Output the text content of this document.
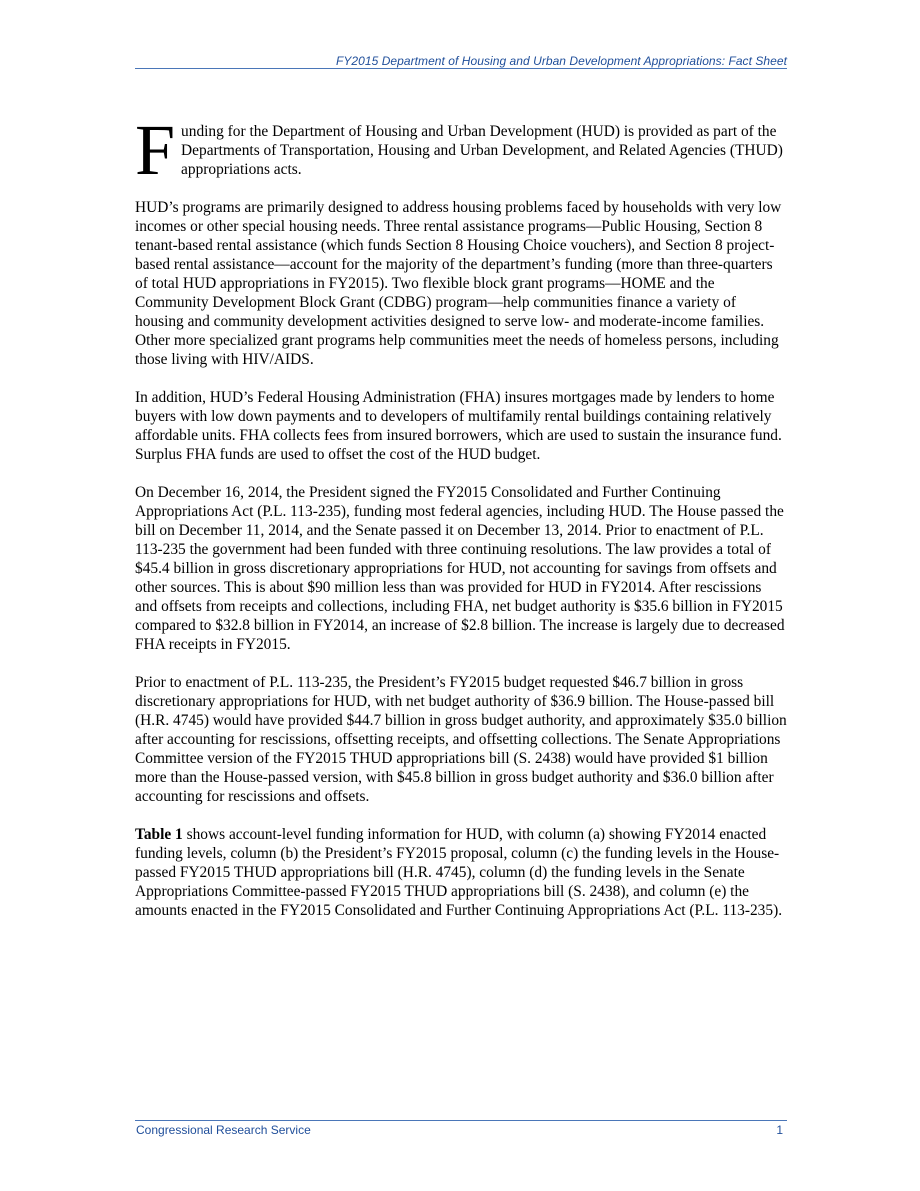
FY2015 Department of Housing and Urban Development Appropriations: Fact Sheet

Funding for the Department of Housing and Urban Development (HUD) is provided as part of the Departments of Transportation, Housing and Urban Development, and Related Agencies (THUD) appropriations acts.

HUD’s programs are primarily designed to address housing problems faced by households with very low incomes or other special housing needs. Three rental assistance programs—Public Housing, Section 8 tenant-based rental assistance (which funds Section 8 Housing Choice vouchers), and Section 8 project-based rental assistance—account for the majority of the department’s funding (more than three-quarters of total HUD appropriations in FY2015). Two flexible block grant programs—HOME and the Community Development Block Grant (CDBG) program—help communities finance a variety of housing and community development activities designed to serve low- and moderate-income families. Other more specialized grant programs help communities meet the needs of homeless persons, including those living with HIV/AIDS.

In addition, HUD’s Federal Housing Administration (FHA) insures mortgages made by lenders to home buyers with low down payments and to developers of multifamily rental buildings containing relatively affordable units. FHA collects fees from insured borrowers, which are used to sustain the insurance fund. Surplus FHA funds are used to offset the cost of the HUD budget.

On December 16, 2014, the President signed the FY2015 Consolidated and Further Continuing Appropriations Act (P.L. 113-235), funding most federal agencies, including HUD. The House passed the bill on December 11, 2014, and the Senate passed it on December 13, 2014. Prior to enactment of P.L. 113-235 the government had been funded with three continuing resolutions. The law provides a total of $45.4 billion in gross discretionary appropriations for HUD, not accounting for savings from offsets and other sources. This is about $90 million less than was provided for HUD in FY2014. After rescissions and offsets from receipts and collections, including FHA, net budget authority is $35.6 billion in FY2015 compared to $32.8 billion in FY2014, an increase of $2.8 billion. The increase is largely due to decreased FHA receipts in FY2015.

Prior to enactment of P.L. 113-235, the President’s FY2015 budget requested $46.7 billion in gross discretionary appropriations for HUD, with net budget authority of $36.9 billion. The House-passed bill (H.R. 4745) would have provided $44.7 billion in gross budget authority, and approximately $35.0 billion after accounting for rescissions, offsetting receipts, and offsetting collections. The Senate Appropriations Committee version of the FY2015 THUD appropriations bill (S. 2438) would have provided $1 billion more than the House-passed version, with $45.8 billion in gross budget authority and $36.0 billion after accounting for rescissions and offsets.

Table 1 shows account-level funding information for HUD, with column (a) showing FY2014 enacted funding levels, column (b) the President’s FY2015 proposal, column (c) the funding levels in the House-passed FY2015 THUD appropriations bill (H.R. 4745), column (d) the funding levels in the Senate Appropriations Committee-passed FY2015 THUD appropriations bill (S. 2438), and column (e) the amounts enacted in the FY2015 Consolidated and Further Continuing Appropriations Act (P.L. 113-235).

Congressional Research Service	1
